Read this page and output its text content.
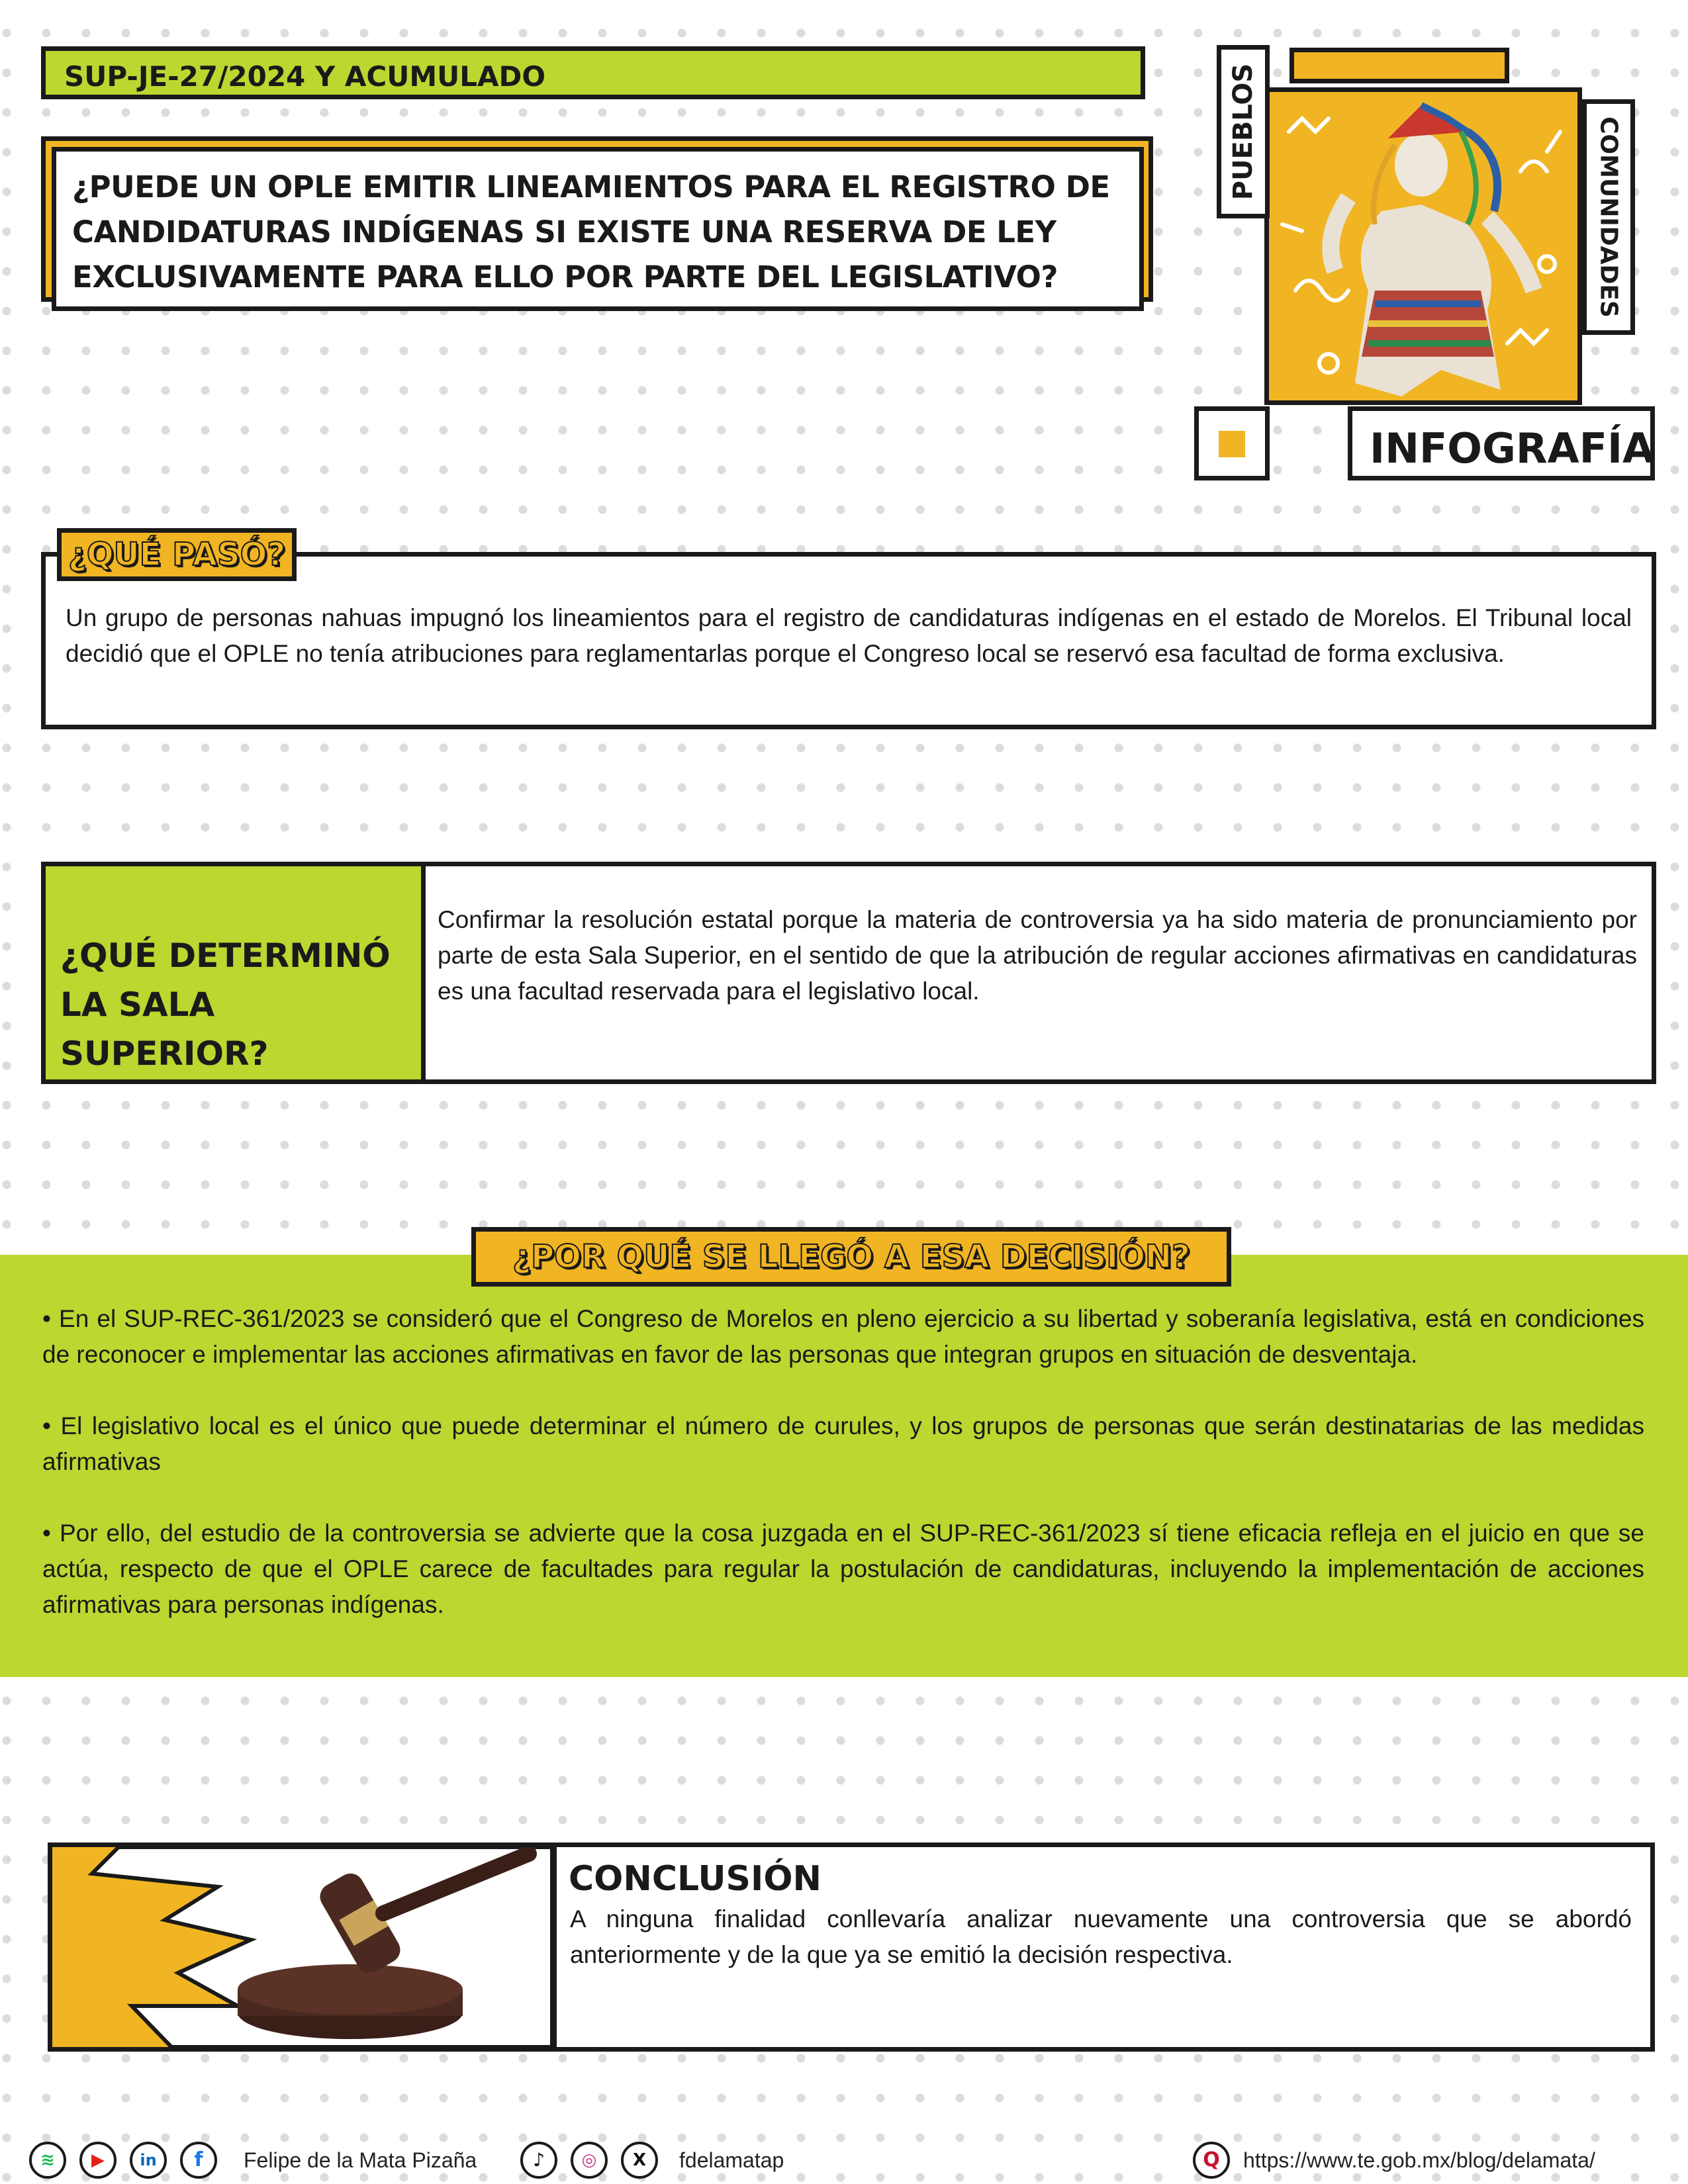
SUP-JE-27/2024 Y ACUMULADO
¿PUEDE UN OPLE EMITIR LINEAMIENTOS PARA EL REGISTRO DE
CANDIDATURAS INDÍGENAS SI EXISTE UNA RESERVA DE LEY
EXCLUSIVAMENTE PARA ELLO POR PARTE DEL LEGISLATIVO?
PUEBLOS	COMUNIDADES
INFOGRAFÍA

Un grupo de personas nahuas impugnó los lineamientos para el registro de candidaturas indígenas en el estado de Morelos. El Tribunal local decidió que el OPLE no tenía atribuciones para reglamentarlas porque el Congreso local se reservó esa facultad de forma exclusiva.

¿QUÉ PASÓ?
¿QUÉ DETERMINÓ
LA SALA SUPERIOR?

Confirmar la resolución estatal porque la materia de controversia ya ha sido materia de pronunciamiento por parte de esta Sala Superior, en el sentido de que la atribución de regular acciones afirmativas en candidaturas es una facultad reservada para el legislativo local.

¿POR QUÉ SE LLEGÓ A ESA DECISIÓN?

• En el SUP-REC-361/2023 se consideró que el Congreso de Morelos en pleno ejercicio a su libertad y soberanía legislativa, está en condiciones de reconocer e implementar las acciones afirmativas en favor de las personas que integran grupos en situación de desventaja.

• El legislativo local es el único que puede determinar el número de curules, y los grupos de personas que serán destinatarias de las medidas afirmativas

• Por ello, del estudio de la controversia se advierte que la cosa juzgada en el SUP-REC-361/2023 sí tiene eficacia refleja en el juicio en que se actúa, respecto de que el OPLE carece de facultades para regular la postulación de candidaturas, incluyendo la implementación de acciones afirmativas para personas indígenas.

CONCLUSIÓN

A ninguna finalidad conllevaría analizar nuevamente una controversia que se abordó anteriormente y de la que ya se emitió la decisión respectiva.

≋	▶	in	f	Felipe de la Mata Pizaña	♪	◎	X	fdelamatap	Q	https://www.te.gob.mx/blog/delamata/
